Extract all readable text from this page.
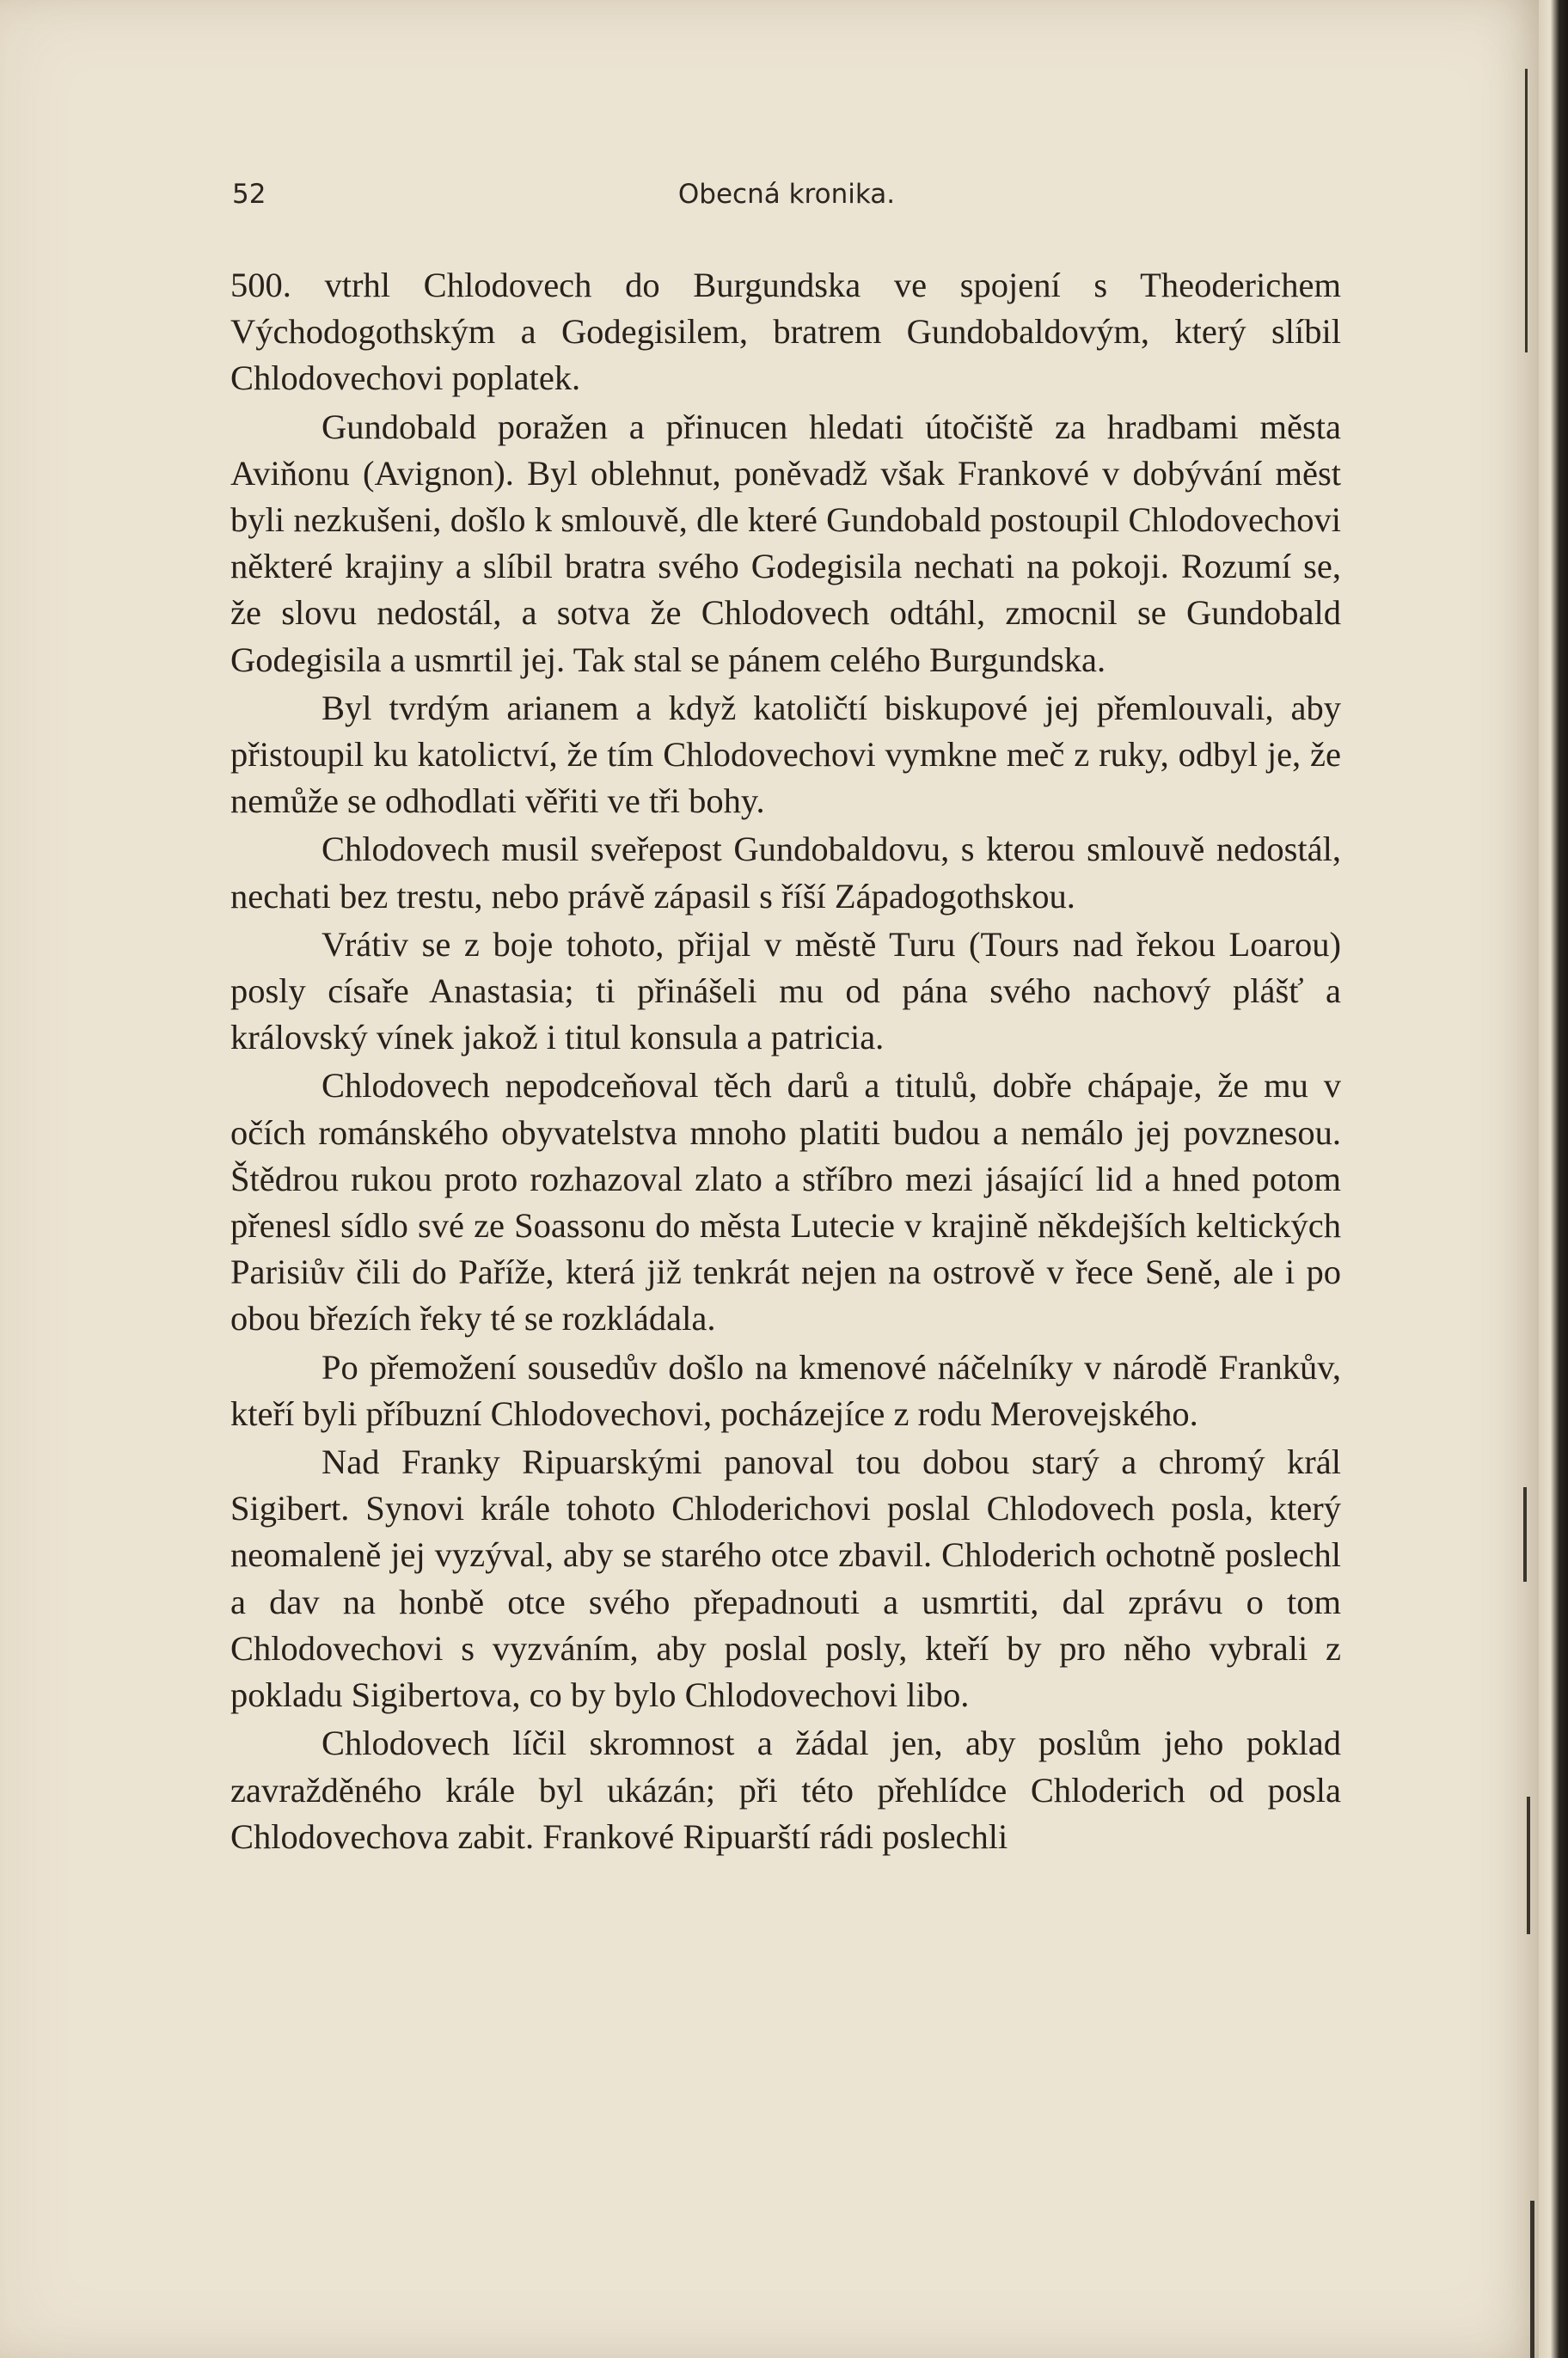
52	Obecná kronika.

500. vtrhl Chlodovech do Burgundska ve spojení s Theoderichem Východogothským a Godegisilem, bratrem Gundobaldovým, který slíbil Chlodovechovi poplatek.

Gundobald poražen a přinucen hledati útočiště za hradbami města Aviňonu (Avignon). Byl oblehnut, poněvadž však Frankové v dobývání měst byli nezkušeni, došlo k smlouvě, dle které Gundobald postoupil Chlodovechovi některé krajiny a slíbil bratra svého Godegisila nechati na pokoji. Rozumí se, že slovu nedostál, a sotva že Chlodovech odtáhl, zmocnil se Gundobald Godegisila a usmrtil jej. Tak stal se pánem celého Burgundska.

Byl tvrdým arianem a když katoličtí biskupové jej přemlouvali, aby přistoupil ku katolictví, že tím Chlodovechovi vymkne meč z ruky, odbyl je, že nemůže se odhodlati věřiti ve tři bohy.

Chlodovech musil sveřepost Gundobaldovu, s kterou smlouvě nedostál, nechati bez trestu, nebo právě zápasil s říší Západogothskou.

Vrátiv se z boje tohoto, přijal v městě Turu (Tours nad řekou Loarou) posly císaře Anastasia; ti přinášeli mu od pána svého nachový plášť a královský vínek jakož i titul konsula a patricia.

Chlodovech nepodceňoval těch darů a titulů, dobře chápaje, že mu v očích románského obyvatelstva mnoho platiti budou a nemálo jej povznesou. Štědrou rukou proto rozhazoval zlato a stříbro mezi jásající lid a hned potom přenesl sídlo své ze Soassonu do města Lutecie v krajině někdejších keltických Parisiův čili do Paříže, která již tenkrát nejen na ostrově v řece Seně, ale i po obou březích řeky té se rozkládala.

Po přemožení sousedův došlo na kmenové náčelníky v národě Frankův, kteří byli příbuzní Chlodovechovi, pocházejíce z rodu Merovejského.

Nad Franky Ripuarskými panoval tou dobou starý a chromý král Sigibert. Synovi krále tohoto Chloderichovi poslal Chlodovech posla, který neomaleně jej vyzýval, aby se starého otce zbavil. Chloderich ochotně poslechl a dav na honbě otce svého přepadnouti a usmrtiti, dal zprávu o tom Chlodovechovi s vyzváním, aby poslal posly, kteří by pro něho vybrali z pokladu Sigibertova, co by bylo Chlodovechovi libo.

Chlodovech líčil skromnost a žádal jen, aby poslům jeho poklad zavražděného krále byl ukázán; při této přehlídce Chloderich od posla Chlodovechova zabit. Frankové Ripuarští rádi poslechli
